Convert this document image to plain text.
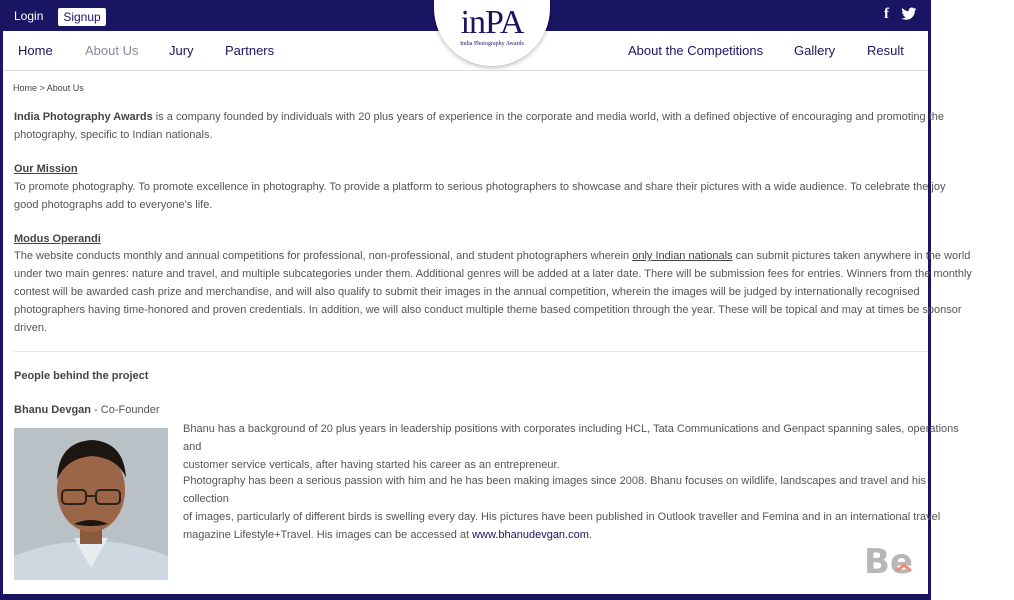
Login	Signup	f
Home About Us Jury Partners	About the Competitions Gallery Result
inPA
India Photography Awards
Home > About Us
India Photography Awards is a company founded by individuals with 20 plus years of experience in the corporate and media world, with a defined objective of encouraging and promoting the
photography, specific to Indian nationals.
Our Mission
To promote photography. To promote excellence in photography. To provide a platform to serious photographers to showcase and share their pictures with a wide audience. To celebrate the joy
good photographs add to everyone's life.
Modus Operandi
The website conducts monthly and annual competitions for professional, non-professional, and student photographers wherein only Indian nationals can submit pictures taken anywhere in the world
under two main genres: nature and travel, and multiple subcategories under them. Additional genres will be added at a later date. There will be submission fees for entries. Winners from the monthly
contest will be awarded cash prize and merchandise, and will also qualify to submit their images in the annual competition, wherein the images will be judged by internationally recognised
photographers having time-honored and proven credentials. In addition, we will also conduct multiple theme based competition through the year. These will be topical and may at times be sponsor
driven.
People behind the project
Bhanu Devgan - Co-Founder
Bhanu has a background of 20 plus years in leadership positions with corporates including HCL, Tata Communications and Genpact spanning sales, operations and
customer service verticals, after having started his career as an entrepreneur.
Photography has been a serious passion with him and he has been making images since 2008. Bhanu focuses on wildlife, landscapes and travel and his collection
of images, particularly of different birds is swelling every day. His pictures have been published in Outlook traveller and Femina and in an international travel
magazine Lifestyle+Travel. His images can be accessed at www.bhanudevgan.com.
Be
